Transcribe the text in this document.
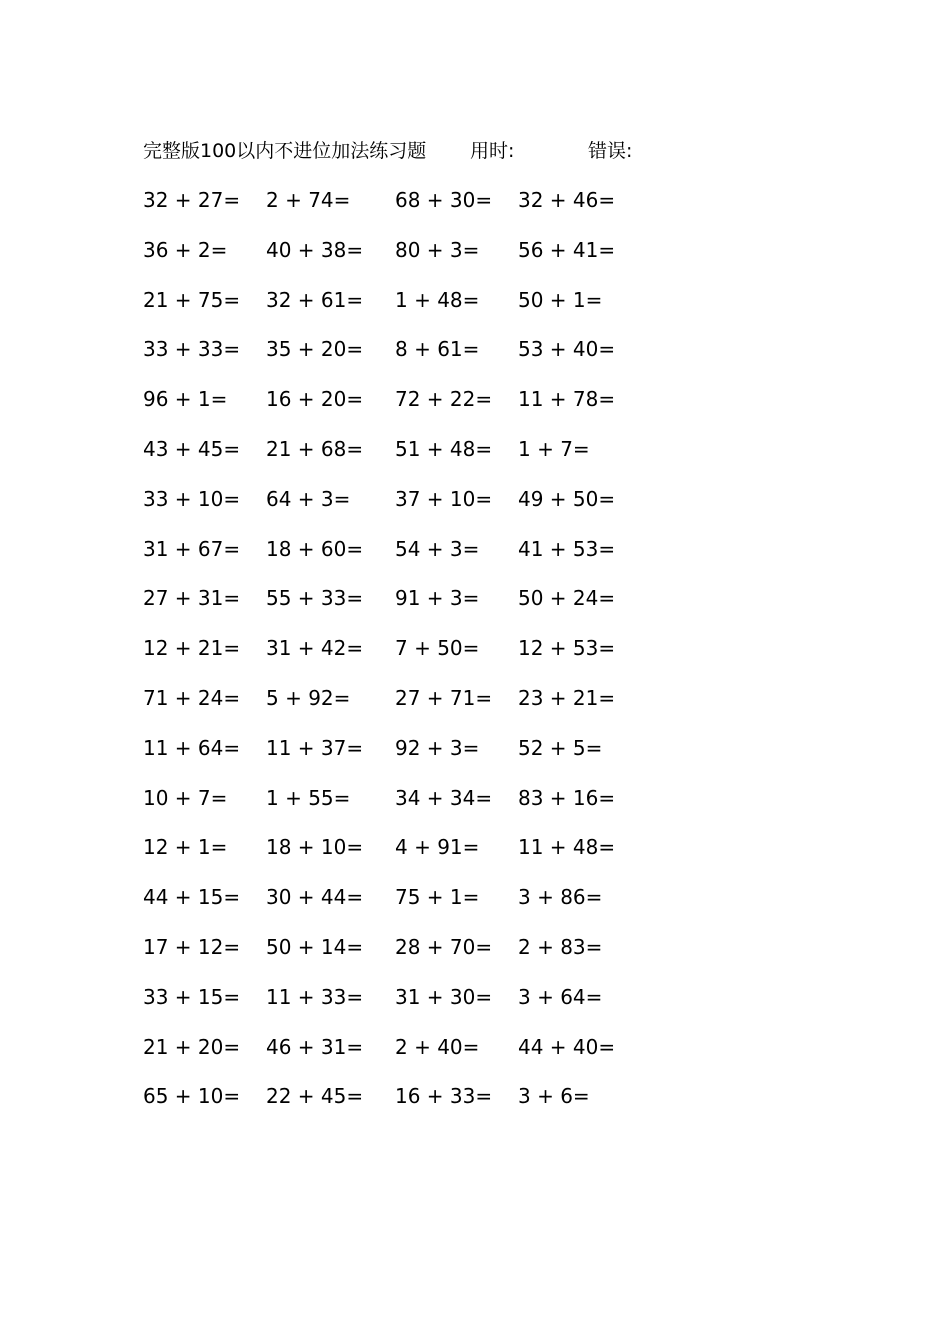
完整版100以内不进位加法练习题 用时:	错误:
32 + 27= 2 + 74= 68 + 30= 32 + 46=
36 + 2= 40 + 38= 80 + 3= 56 + 41=
21 + 75= 32 + 61= 1 + 48= 50 + 1=
33 + 33= 35 + 20= 8 + 61= 53 + 40=
96 + 1= 16 + 20= 72 + 22= 11 + 78=
43 + 45= 21 + 68= 51 + 48= 1 + 7=
33 + 10= 64 + 3= 37 + 10= 49 + 50=
31 + 67= 18 + 60= 54 + 3= 41 + 53=
27 + 31= 55 + 33= 91 + 3= 50 + 24=
12 + 21= 31 + 42= 7 + 50= 12 + 53=
71 + 24= 5 + 92= 27 + 71= 23 + 21=
11 + 64= 11 + 37= 92 + 3= 52 + 5=
10 + 7= 1 + 55= 34 + 34= 83 + 16=
12 + 1= 18 + 10= 4 + 91= 11 + 48=
44 + 15= 30 + 44= 75 + 1= 3 + 86=
17 + 12= 50 + 14= 28 + 70= 2 + 83=
33 + 15= 11 + 33= 31 + 30= 3 + 64=
21 + 20= 46 + 31= 2 + 40= 44 + 40=
65 + 10= 22 + 45= 16 + 33= 3 + 6=
